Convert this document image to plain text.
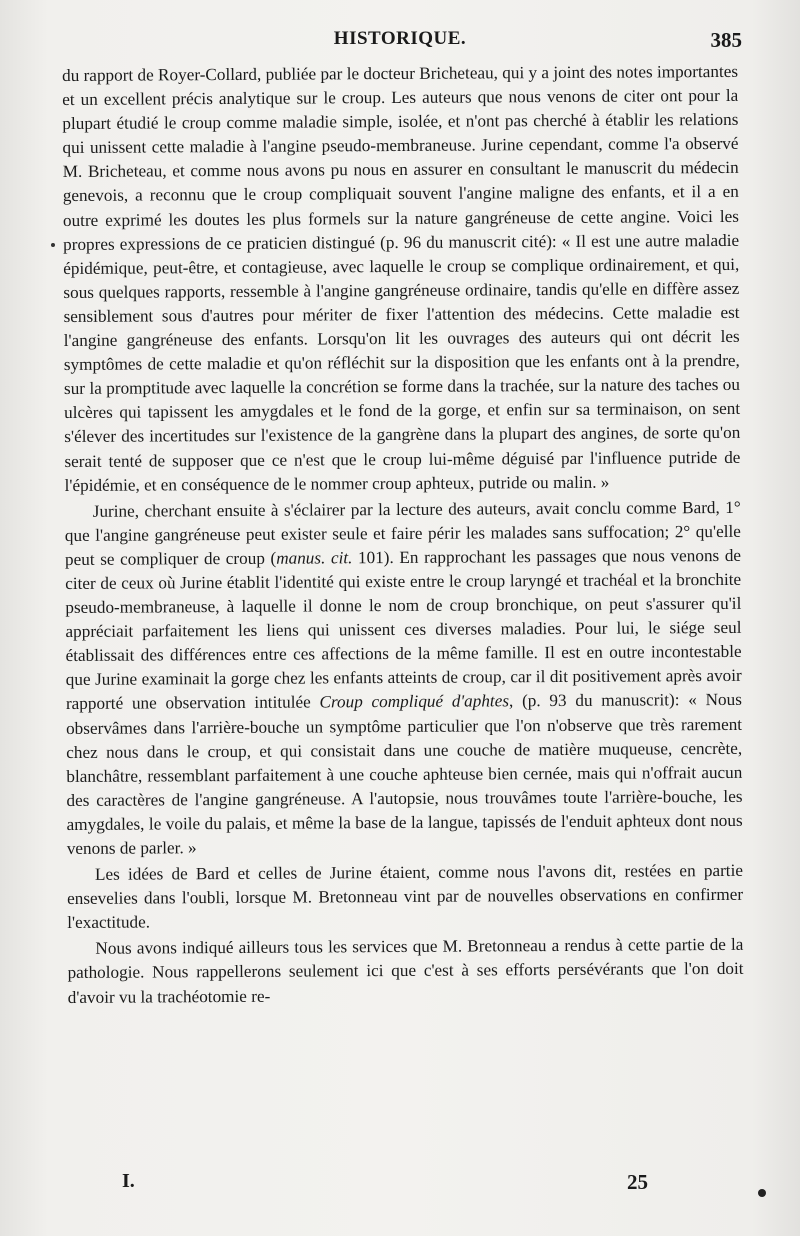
HISTORIQUE.	385

du rapport de Royer-Collard, publiée par le docteur Bricheteau, qui y a joint des notes importantes et un excellent précis analytique sur le croup. Les auteurs que nous venons de citer ont pour la plupart étudié le croup comme maladie simple, isolée, et n'ont pas cherché à établir les relations qui unissent cette maladie à l'angine pseudo-membraneuse. Jurine cependant, comme l'a observé M. Bricheteau, et comme nous avons pu nous en assurer en consultant le manuscrit du médecin genevois, a reconnu que le croup compliquait souvent l'angine maligne des enfants, et il a en outre exprimé les doutes les plus formels sur la nature gangréneuse de cette angine. Voici les propres expressions de ce praticien distingué (p. 96 du manuscrit cité): « Il est une autre maladie épidémique, peut-être, et contagieuse, avec laquelle le croup se complique ordinairement, et qui, sous quelques rapports, ressemble à l'angine gangréneuse ordinaire, tandis qu'elle en diffère assez sensiblement sous d'autres pour mériter de fixer l'attention des médecins. Cette maladie est l'angine gangréneuse des enfants. Lorsqu'on lit les ouvrages des auteurs qui ont décrit les symptômes de cette maladie et qu'on réfléchit sur la disposition que les enfants ont à la prendre, sur la promptitude avec laquelle la concrétion se forme dans la trachée, sur la nature des taches ou ulcères qui tapissent les amygdales et le fond de la gorge, et enfin sur sa terminaison, on sent s'élever des incertitudes sur l'existence de la gangrène dans la plupart des angines, de sorte qu'on serait tenté de supposer que ce n'est que le croup lui-même déguisé par l'influence putride de l'épidémie, et en conséquence de le nommer croup aphteux, putride ou malin. »

Jurine, cherchant ensuite à s'éclairer par la lecture des auteurs, avait conclu comme Bard, 1° que l'angine gangréneuse peut exister seule et faire périr les malades sans suffocation; 2° qu'elle peut se compliquer de croup (manus. cit. 101). En rapprochant les passages que nous venons de citer de ceux où Jurine établit l'identité qui existe entre le croup laryngé et trachéal et la bronchite pseudo-membraneuse, à laquelle il donne le nom de croup bronchique, on peut s'assurer qu'il appréciait parfaitement les liens qui unissent ces diverses maladies. Pour lui, le siége seul établissait des différences entre ces affections de la même famille. Il est en outre incontestable que Jurine examinait la gorge chez les enfants atteints de croup, car il dit positivement après avoir rapporté une observation intitulée Croup compliqué d'aphtes, (p. 93 du manuscrit): « Nous observâmes dans l'arrière-bouche un symptôme particulier que l'on n'observe que très rarement chez nous dans le croup, et qui consistait dans une couche de matière muqueuse, cencrète, blanchâtre, ressemblant parfaitement à une couche aphteuse bien cernée, mais qui n'offrait aucun des caractères de l'angine gangréneuse. A l'autopsie, nous trouvâmes toute l'arrière-bouche, les amygdales, le voile du palais, et même la base de la langue, tapissés de l'enduit aphteux dont nous venons de parler. »

Les idées de Bard et celles de Jurine étaient, comme nous l'avons dit, restées en partie ensevelies dans l'oubli, lorsque M. Bretonneau vint par de nouvelles observations en confirmer l'exactitude.

Nous avons indiqué ailleurs tous les services que M. Bretonneau a rendus à cette partie de la pathologie. Nous rappellerons seulement ici que c'est à ses efforts persévérants que l'on doit d'avoir vu la trachéotomie re-

I.	25
